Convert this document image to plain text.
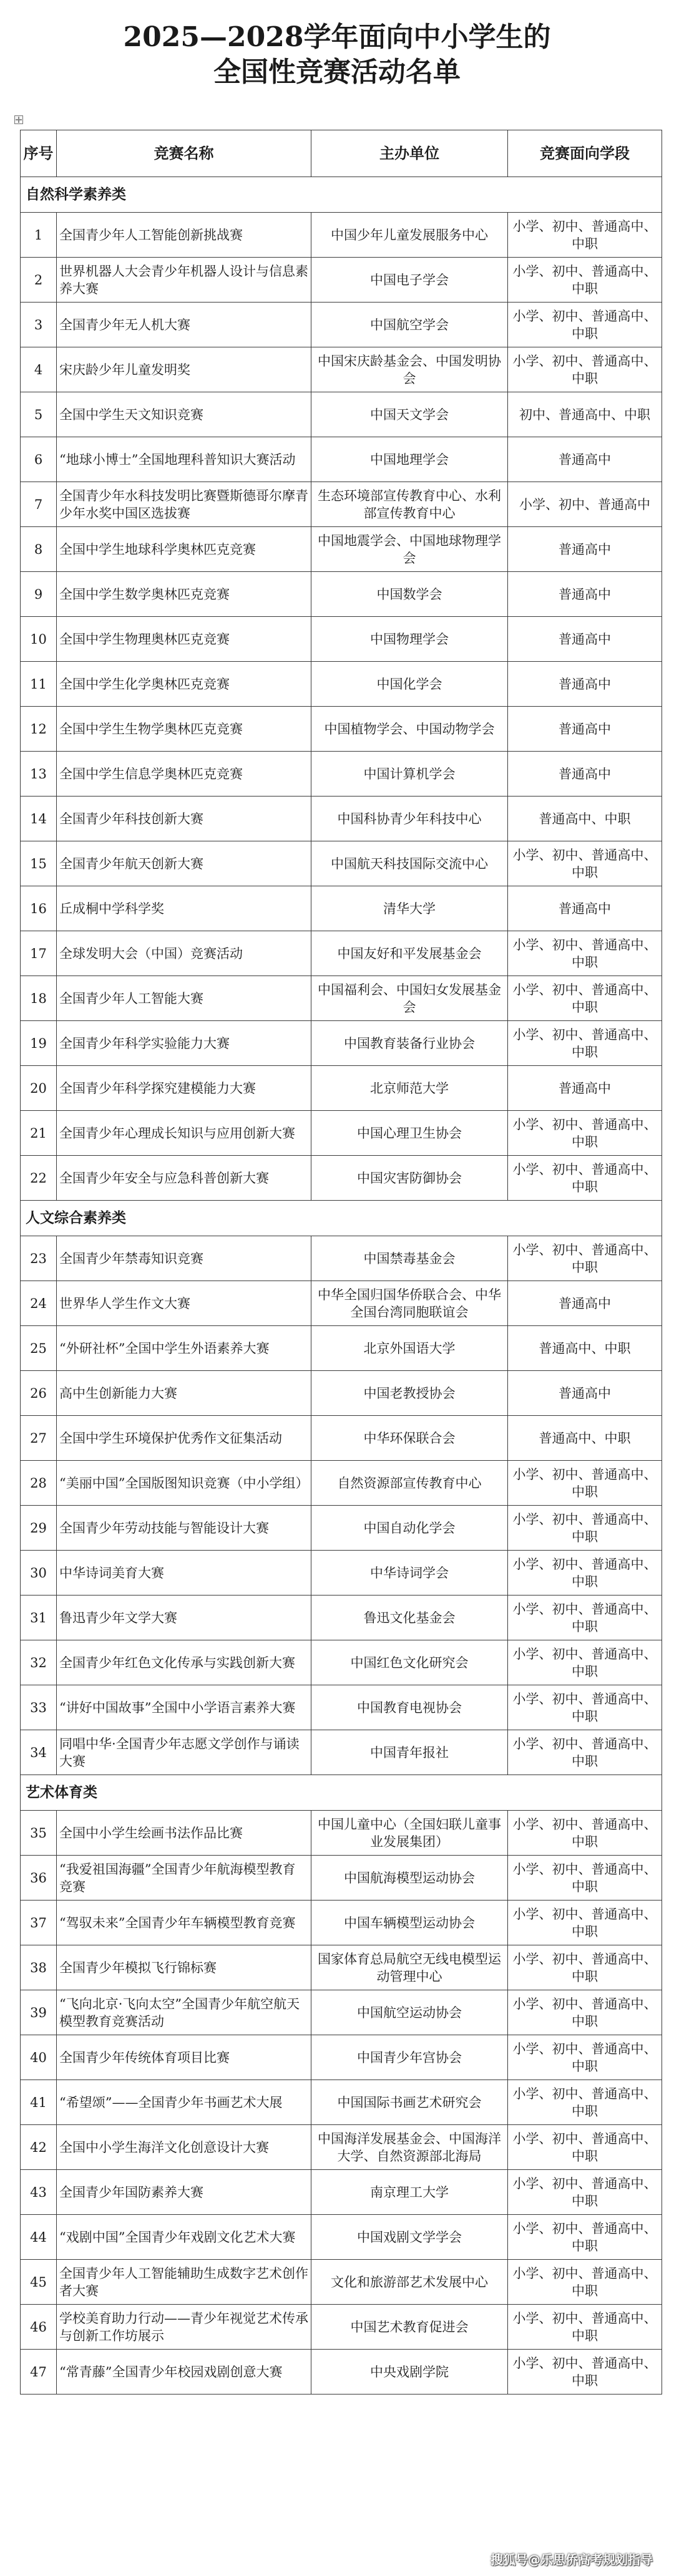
2025—2028学年面向中小学生的
全国性竞赛活动名单
序号	竞赛名称	主办单位	竞赛面向学段
自然科学素养类			
1	全国青少年人工智能创新挑战赛	中国少年儿童发展服务中心	小学、初中、普通高中、中职
2	世界机器人大会青少年机器人设计与信息素养大赛	中国电子学会	小学、初中、普通高中、中职
3	全国青少年无人机大赛	中国航空学会	小学、初中、普通高中、中职
4	宋庆龄少年儿童发明奖	中国宋庆龄基金会、中国发明协会	小学、初中、普通高中、中职
5	全国中学生天文知识竞赛	中国天文学会	初中、普通高中、中职
6	“地球小博士”全国地理科普知识大赛活动	中国地理学会	普通高中
7	全国青少年水科技发明比赛暨斯德哥尔摩青少年水奖中国区选拔赛	生态环境部宣传教育中心、水利部宣传教育中心	小学、初中、普通高中
8	全国中学生地球科学奥林匹克竞赛	中国地震学会、中国地球物理学会	普通高中
9	全国中学生数学奥林匹克竞赛	中国数学会	普通高中
10	全国中学生物理奥林匹克竞赛	中国物理学会	普通高中
11	全国中学生化学奥林匹克竞赛	中国化学会	普通高中
12	全国中学生生物学奥林匹克竞赛	中国植物学会、中国动物学会	普通高中
13	全国中学生信息学奥林匹克竞赛	中国计算机学会	普通高中
14	全国青少年科技创新大赛	中国科协青少年科技中心	普通高中、中职
15	全国青少年航天创新大赛	中国航天科技国际交流中心	小学、初中、普通高中、中职
16	丘成桐中学科学奖	清华大学	普通高中
17	全球发明大会（中国）竞赛活动	中国友好和平发展基金会	小学、初中、普通高中、中职
18	全国青少年人工智能大赛	中国福利会、中国妇女发展基金会	小学、初中、普通高中、中职
19	全国青少年科学实验能力大赛	中国教育装备行业协会	小学、初中、普通高中、中职
20	全国青少年科学探究建模能力大赛	北京师范大学	普通高中
21	全国青少年心理成长知识与应用创新大赛	中国心理卫生协会	小学、初中、普通高中、中职
22	全国青少年安全与应急科普创新大赛	中国灾害防御协会	小学、初中、普通高中、中职
人文综合素养类			
23	全国青少年禁毒知识竞赛	中国禁毒基金会	小学、初中、普通高中、中职
24	世界华人学生作文大赛	中华全国归国华侨联合会、中华全国台湾同胞联谊会	普通高中
25	“外研社杯”全国中学生外语素养大赛	北京外国语大学	普通高中、中职
26	高中生创新能力大赛	中国老教授协会	普通高中
27	全国中学生环境保护优秀作文征集活动	中华环保联合会	普通高中、中职
28	“美丽中国”全国版图知识竞赛（中小学组）	自然资源部宣传教育中心	小学、初中、普通高中、中职
29	全国青少年劳动技能与智能设计大赛	中国自动化学会	小学、初中、普通高中、中职
30	中华诗词美育大赛	中华诗词学会	小学、初中、普通高中、中职
31	鲁迅青少年文学大赛	鲁迅文化基金会	小学、初中、普通高中、中职
32	全国青少年红色文化传承与实践创新大赛	中国红色文化研究会	小学、初中、普通高中、中职
33	“讲好中国故事”全国中小学语言素养大赛	中国教育电视协会	小学、初中、普通高中、中职
34	同唱中华·全国青少年志愿文学创作与诵读大赛	中国青年报社	小学、初中、普通高中、中职
艺术体育类			
35	全国中小学生绘画书法作品比赛	中国儿童中心（全国妇联儿童事业发展集团）	小学、初中、普通高中、中职
36	“我爱祖国海疆”全国青少年航海模型教育竞赛	中国航海模型运动协会	小学、初中、普通高中、中职
37	“驾驭未来”全国青少年车辆模型教育竞赛	中国车辆模型运动协会	小学、初中、普通高中、中职
38	全国青少年模拟飞行锦标赛	国家体育总局航空无线电模型运动管理中心	小学、初中、普通高中、中职
39	“飞向北京·飞向太空”全国青少年航空航天模型教育竞赛活动	中国航空运动协会	小学、初中、普通高中、中职
40	全国青少年传统体育项目比赛	中国青少年宫协会	小学、初中、普通高中、中职
41	“希望颂”——全国青少年书画艺术大展	中国国际书画艺术研究会	小学、初中、普通高中、中职
42	全国中小学生海洋文化创意设计大赛	中国海洋发展基金会、中国海洋大学、自然资源部北海局	小学、初中、普通高中、中职
43	全国青少年国防素养大赛	南京理工大学	小学、初中、普通高中、中职
44	“戏剧中国”全国青少年戏剧文化艺术大赛	中国戏剧文学学会	小学、初中、普通高中、中职
45	全国青少年人工智能辅助生成数字艺术创作者大赛	文化和旅游部艺术发展中心	小学、初中、普通高中、中职
46	学校美育助力行动——青少年视觉艺术传承与创新工作坊展示	中国艺术教育促进会	小学、初中、普通高中、中职
47	“常青藤”全国青少年校园戏剧创意大赛	中央戏剧学院	小学、初中、普通高中、中职
搜狐号@乐思侨高考规划指导
